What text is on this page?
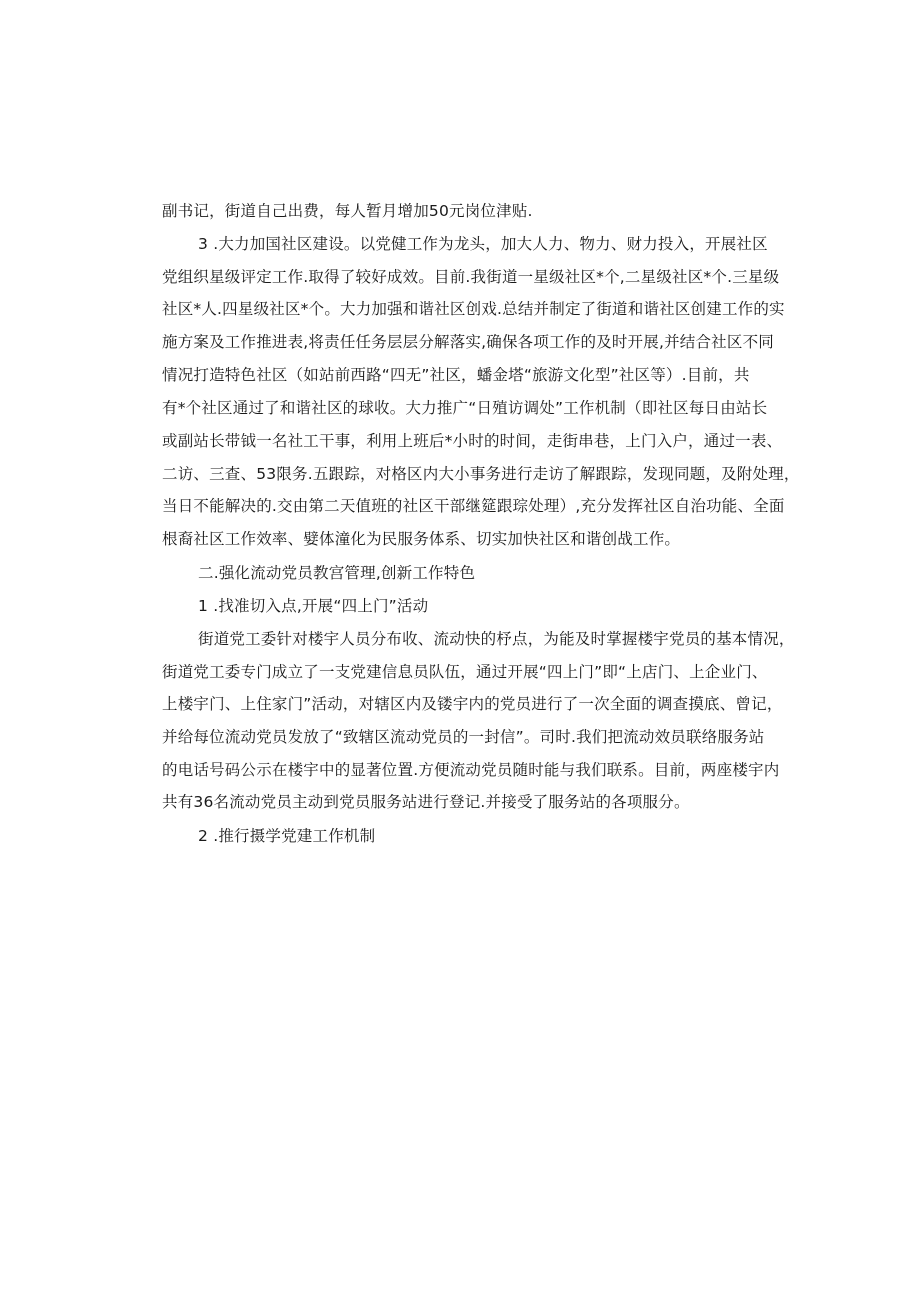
副书记，街道自己出费，每人暂月增加50元岗位津贴.
3 .大力加国社区建设。以党健工作为龙头，加大人力、物力、财力投入，开展社区
党组织星级评定工作.取得了较好成效。目前.我街道一星级社区*个,二星级社区*个.三星级
社区*人.四星级社区*个。大力加强和谐社区创戏.总结并制定了街道和谐社区创建工作的实
施方案及工作推进表,将责任任务层层分解落实,确保各项工作的及时开展,并结合社区不同
情况打造特色社区（如站前西路“四无”社区，蟠金塔“旅游文化型”社区等）.目前，共
有*个社区通过了和谐社区的球收。大力推广“日殖访调处”工作机制（即社区每日由站长
或副站长带钺一名社工干事，利用上班后*小时的时间，走街串巷，上门入户，通过一表、
二访、三查、53限务.五跟踪，对格区内大小事务进行走访了解跟踪，发现同题，及附处理，
当日不能解决的.交由第二天值班的社区干部继筵跟琮处理）,充分发挥社区自治功能、全面
根裔社区工作效率、嬖体潼化为民服务体系、切实加快社区和谐创战工作。
二.强化流动党员教宫管理,创新工作特色
1 .找准切入点,开展“四上门”活动
街道党工委针对楼宇人员分布收、流动快的杼点，为能及时掌握楼宇党员的基本情况，
街道党工委专门成立了一支党建信息员队伍，通过开展“四上门”即“上店门、上企业门、
上楼宇门、上住家门”活动，对辖区内及镂宇内的党员进行了一次全面的调查摸底、曾记，
并给每位流动党员发放了“致辖区流动党员的一封信”。司时.我们把流动效员联络服务站
的电话号码公示在楼宇中的显著位置.方便流动党员随时能与我们联系。目前，两座楼宇内
共有36名流动党员主动到党员服务站进行登记.并接受了服务站的各项服分。
2 .推行摄学党建工作机制
